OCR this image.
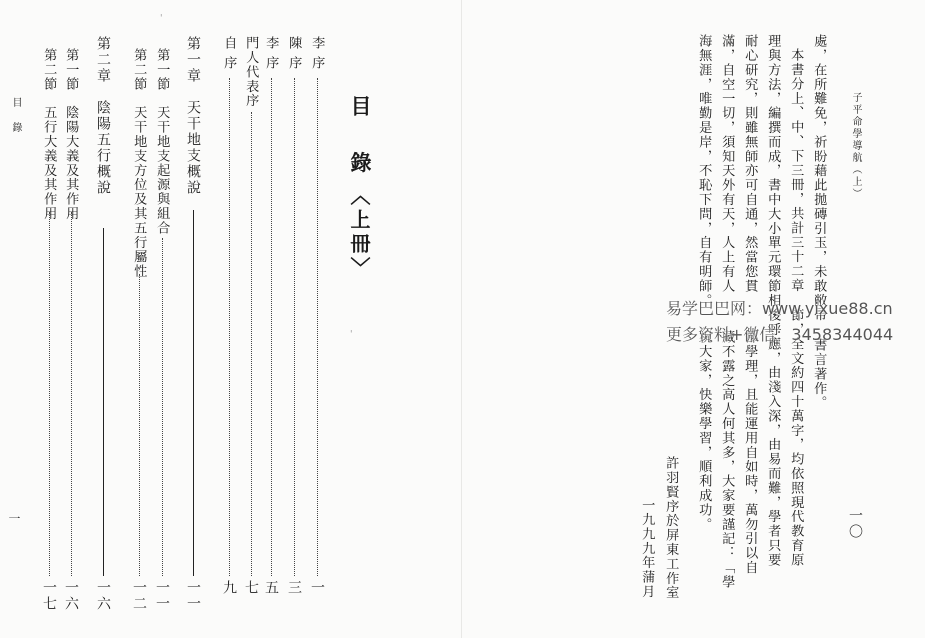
目
錄
一
目 錄
〈上冊〉
李 序
一
陳 序
三
李 序
五
門人代表序
七
自 序
九
第一章　天干地支概說
一一
第一節　天干地支起源與組合
一一
第二節　天干地支方位及其五行屬性
一二
第二章　陰陽五行概說
一六
第一節　陰陽大義及其作用
一六
第二節　五行大義及其作用
一七
'
'
子平命學導航（上）
一〇
處，在所難免，祈盼藉此拋磚引玉，未敢敝帚
本書分上、中、下三冊，共計三十二章
理與方法，編撰而成，書中大小單元環節相
耐心研究，則雖無師亦可自通，然當您貫
滿，自空一切，須知天外有天，人上有人
海無涯，唯勤是岸，不恥下問，自有明師。
書言著作。
節，全文約四十萬字，均依照現代教育原
後呼應，由淺入深，由易而難，學者只要
部學理，且能運用自如時，萬勿引以自
藏不露之高人何其多，大家要謹記：「學
祝大家，快樂學習，順利成功。
許羽賢序於屏東工作室
一九九九年蒲月
易学巴巴网：www.yixue88.cn
更多资料+微信：3458344044
